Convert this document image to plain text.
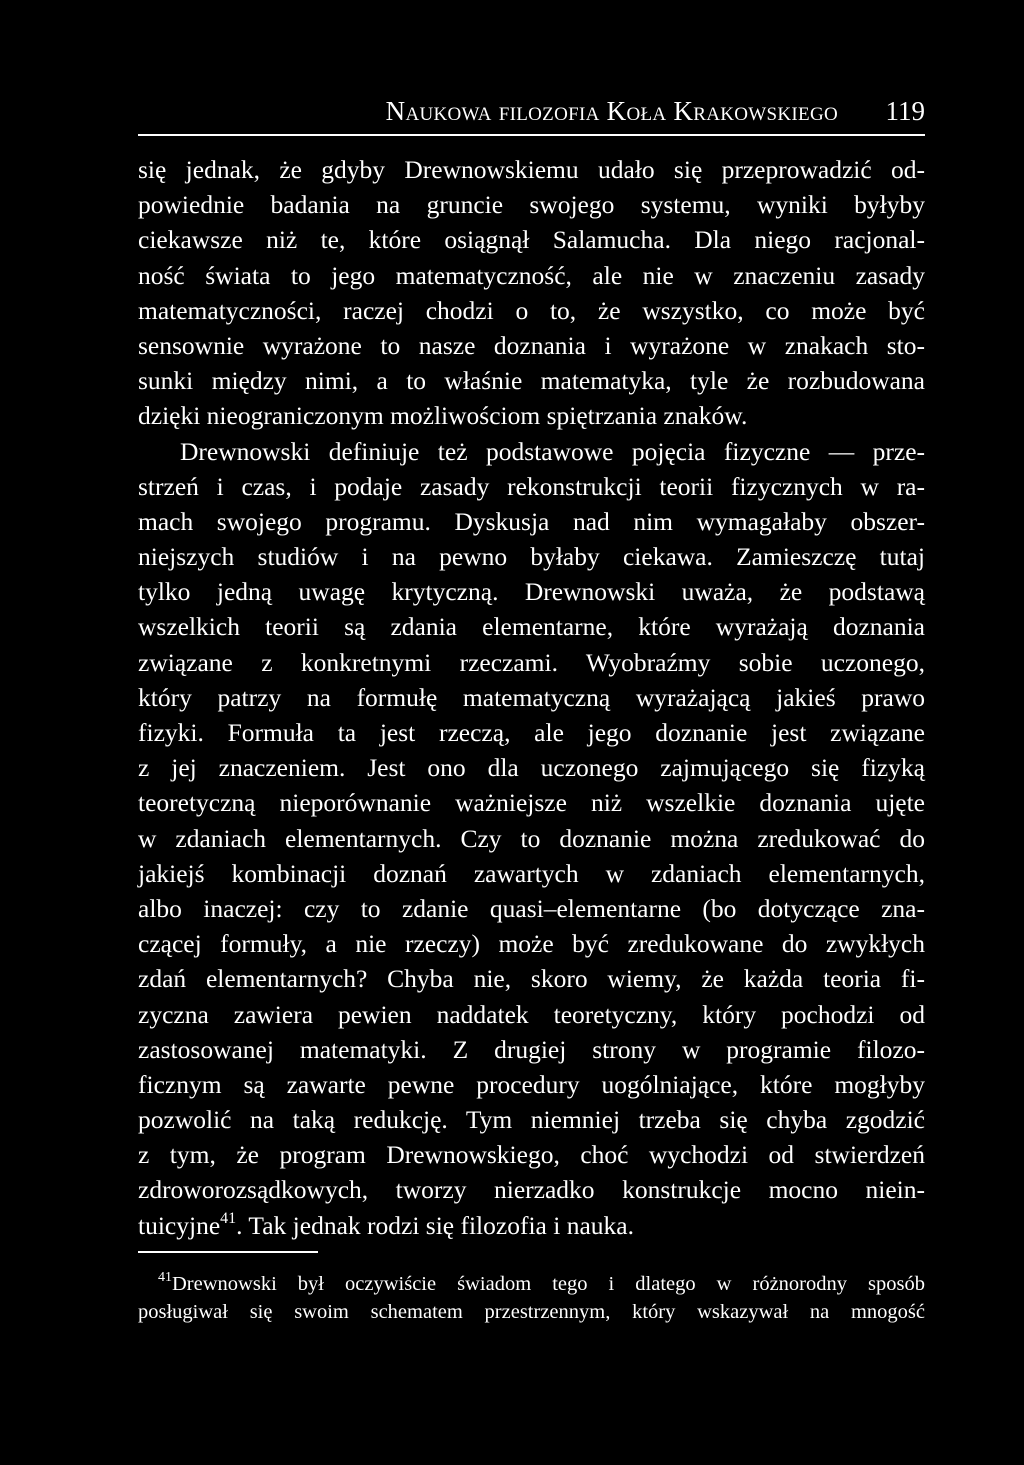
Naukowa filozofia Koła Krakowskiego 119
się jednak, że gdyby Drewnowskiemu udało się przeprowadzić od-
powiednie badania na gruncie swojego systemu, wyniki byłyby
ciekawsze niż te, które osiągnął Salamucha. Dla niego racjonal-
ność świata to jego matematyczność, ale nie w znaczeniu zasady
matematyczności, raczej chodzi o to, że wszystko, co może być
sensownie wyrażone to nasze doznania i wyrażone w znakach sto-
sunki między nimi, a to właśnie matematyka, tyle że rozbudowana
dzięki nieograniczonym możliwościom spiętrzania znaków.
Drewnowski definiuje też podstawowe pojęcia fizyczne — prze-
strzeń i czas, i podaje zasady rekonstrukcji teorii fizycznych w ra-
mach swojego programu. Dyskusja nad nim wymagałaby obszer-
niejszych studiów i na pewno byłaby ciekawa. Zamieszczę tutaj
tylko jedną uwagę krytyczną. Drewnowski uważa, że podstawą
wszelkich teorii są zdania elementarne, które wyrażają doznania
związane z konkretnymi rzeczami. Wyobraźmy sobie uczonego,
który patrzy na formułę matematyczną wyrażającą jakieś prawo
fizyki. Formuła ta jest rzeczą, ale jego doznanie jest związane
z jej znaczeniem. Jest ono dla uczonego zajmującego się fizyką
teoretyczną nieporównanie ważniejsze niż wszelkie doznania ujęte
w zdaniach elementarnych. Czy to doznanie można zredukować do
jakiejś kombinacji doznań zawartych w zdaniach elementarnych,
albo inaczej: czy to zdanie quasi–elementarne (bo dotyczące zna-
czącej formuły, a nie rzeczy) może być zredukowane do zwykłych
zdań elementarnych? Chyba nie, skoro wiemy, że każda teoria fi-
zyczna zawiera pewien naddatek teoretyczny, który pochodzi od
zastosowanej matematyki. Z drugiej strony w programie filozo-
ficznym są zawarte pewne procedury uogólniające, które mogłyby
pozwolić na taką redukcję. Tym niemniej trzeba się chyba zgodzić
z tym, że program Drewnowskiego, choć wychodzi od stwierdzeń
zdroworozsądkowych, tworzy nierzadko konstrukcje mocno niein-
tuicyjne$^{41}$. Tak jednak rodzi się filozofia i nauka.
$^{41}$Drewnowski był oczywiście świadom tego i dlatego w różnorodny sposób
posługiwał się swoim schematem przestrzennym, który wskazywał na mnogość
